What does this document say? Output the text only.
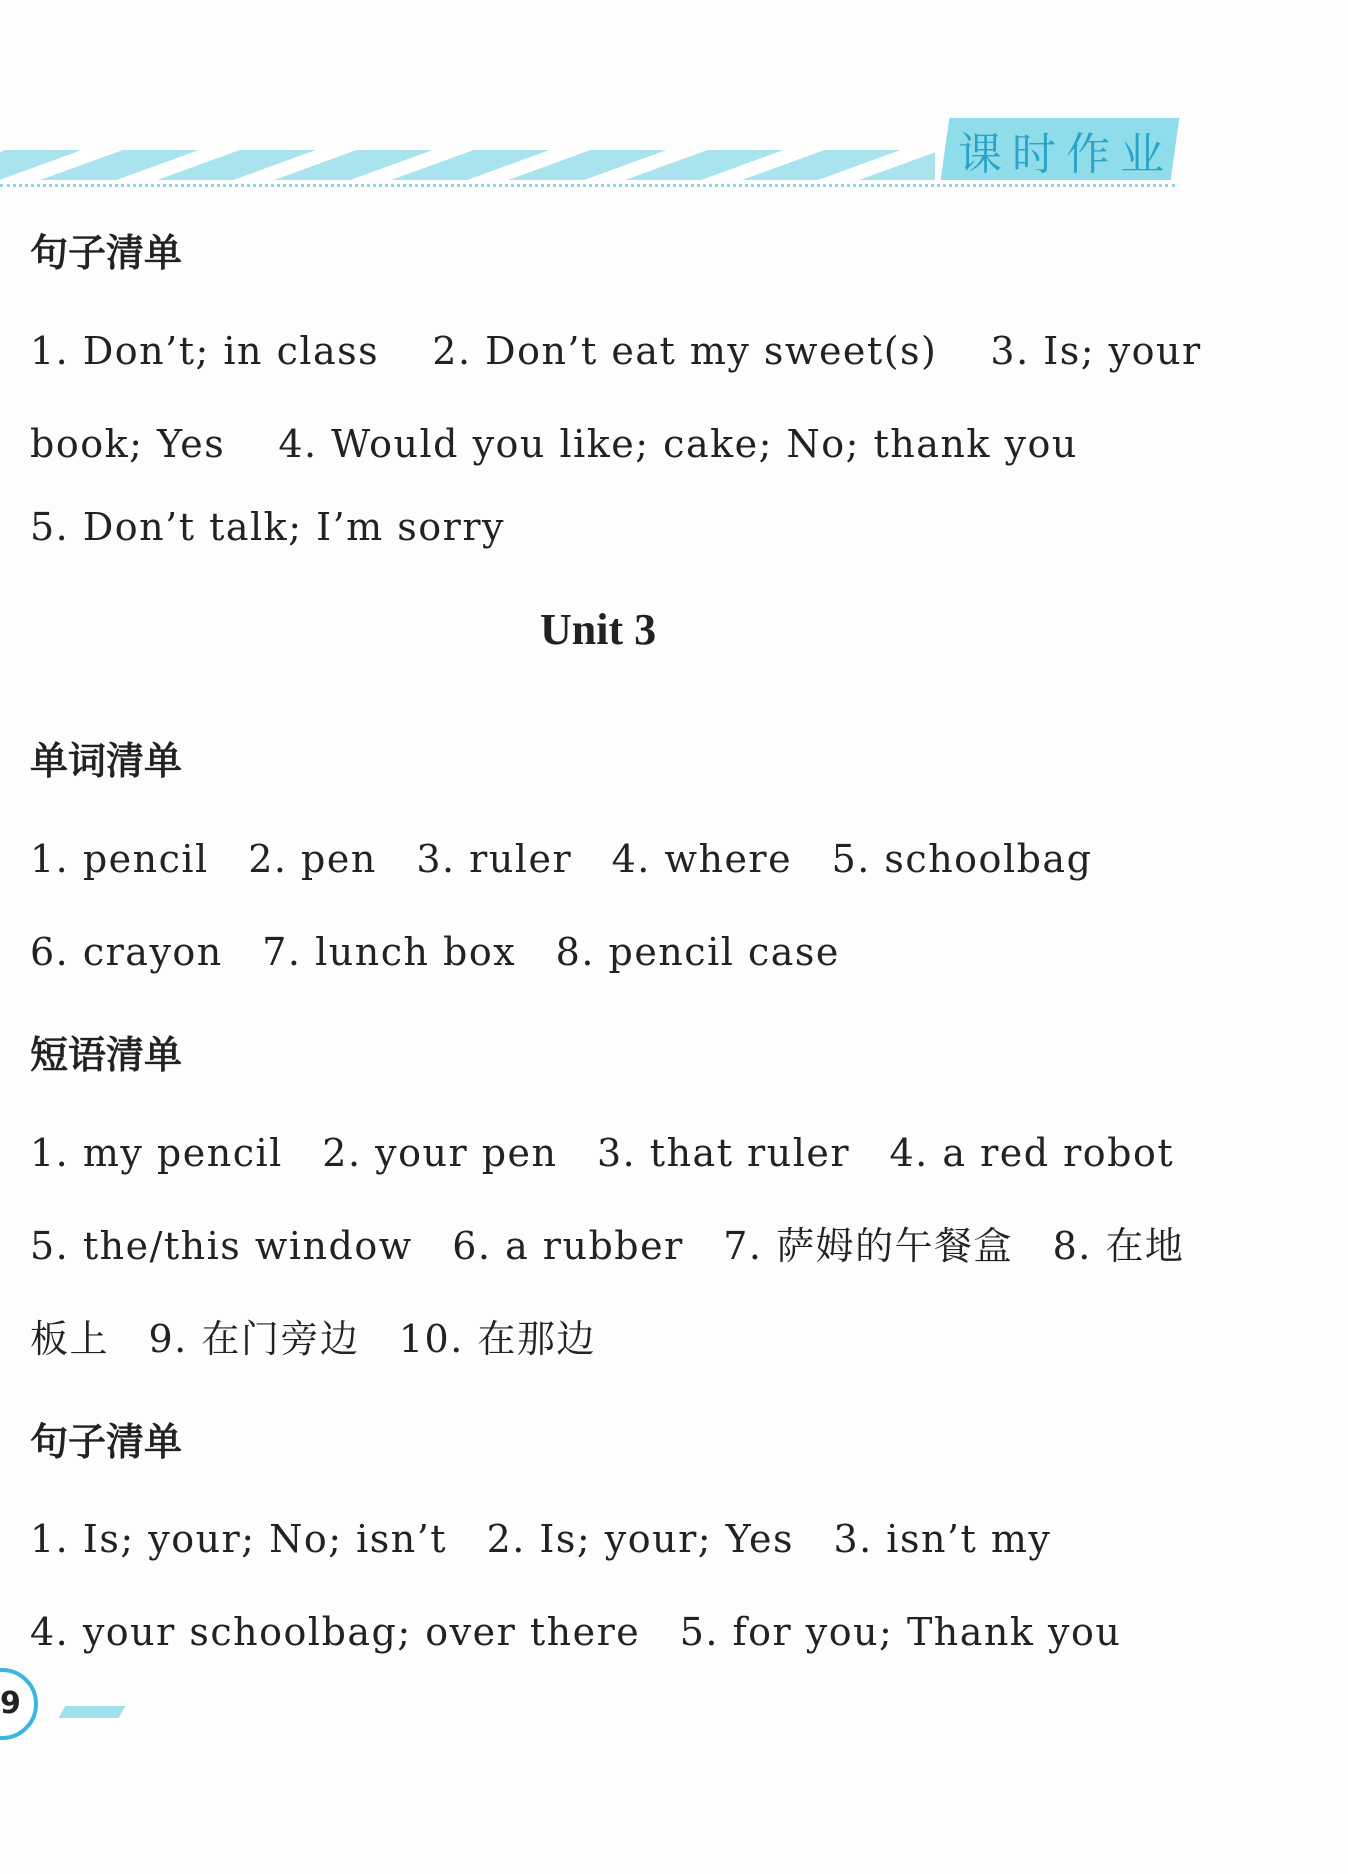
课时作业
句子清单
1. Don’t; in class　 2. Don’t eat my sweet(s)　 3. Is; your
book; Yes　 4. Would you like; cake; No; thank you
5. Don’t talk; I’m sorry
Unit 3
单词清单
1. pencil　2. pen　3. ruler　4. where　5. schoolbag
6. crayon　7. lunch box　8. pencil case
短语清单
1. my pencil　2. your pen　3. that ruler　4. a red robot
5. the/this window　6. a rubber　7. 萨姆的午餐盒　8. 在地
板上　9. 在门旁边　10. 在那边
句子清单
1. Is; your; No; isn’t　2. Is; your; Yes　3. isn’t my
4. your schoolbag; over there　5. for you; Thank you
9
